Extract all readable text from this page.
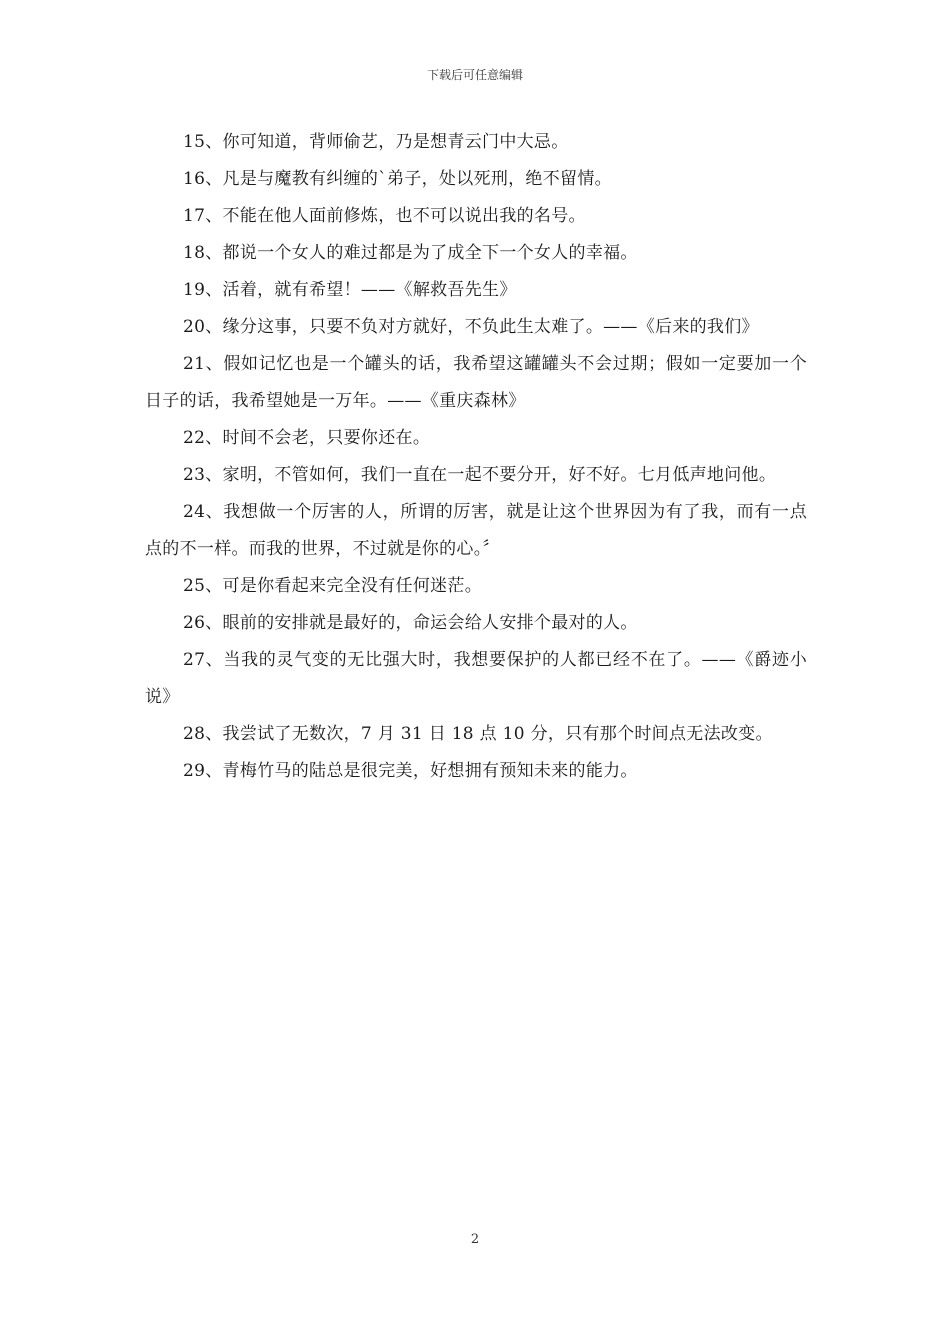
下载后可任意编辑

15、你可知道，背师偷艺，乃是想青云门中大忌。

16、凡是与魔教有纠缠的`弟子，处以死刑，绝不留情。

17、不能在他人面前修炼，也不可以说出我的名号。

18、都说一个女人的难过都是为了成全下一个女人的幸福。

19、活着，就有希望！——《解救吾先生》

20、缘分这事，只要不负对方就好，不负此生太难了。——《后来的我们》

21、假如记忆也是一个罐头的话，我希望这罐罐头不会过期；假如一定要加一个日子的话，我希望她是一万年。——《重庆森林》

22、时间不会老，只要你还在。

23、家明，不管如何，我们一直在一起不要分开，好不好。七月低声地问他。

24、我想做一个厉害的人，所谓的厉害，就是让这个世界因为有了我，而有一点点的不一样。而我的世界，不过就是你的心。〞

25、可是你看起来完全没有任何迷茫。

26、眼前的安排就是最好的，命运会给人安排个最对的人。

27、当我的灵气变的无比强大时，我想要保护的人都已经不在了。——《爵迹小说》

28、我尝试了无数次，7 月 31 日 18 点 10 分，只有那个时间点无法改变。

29、青梅竹马的陆总是很完美，好想拥有预知未来的能力。

2
